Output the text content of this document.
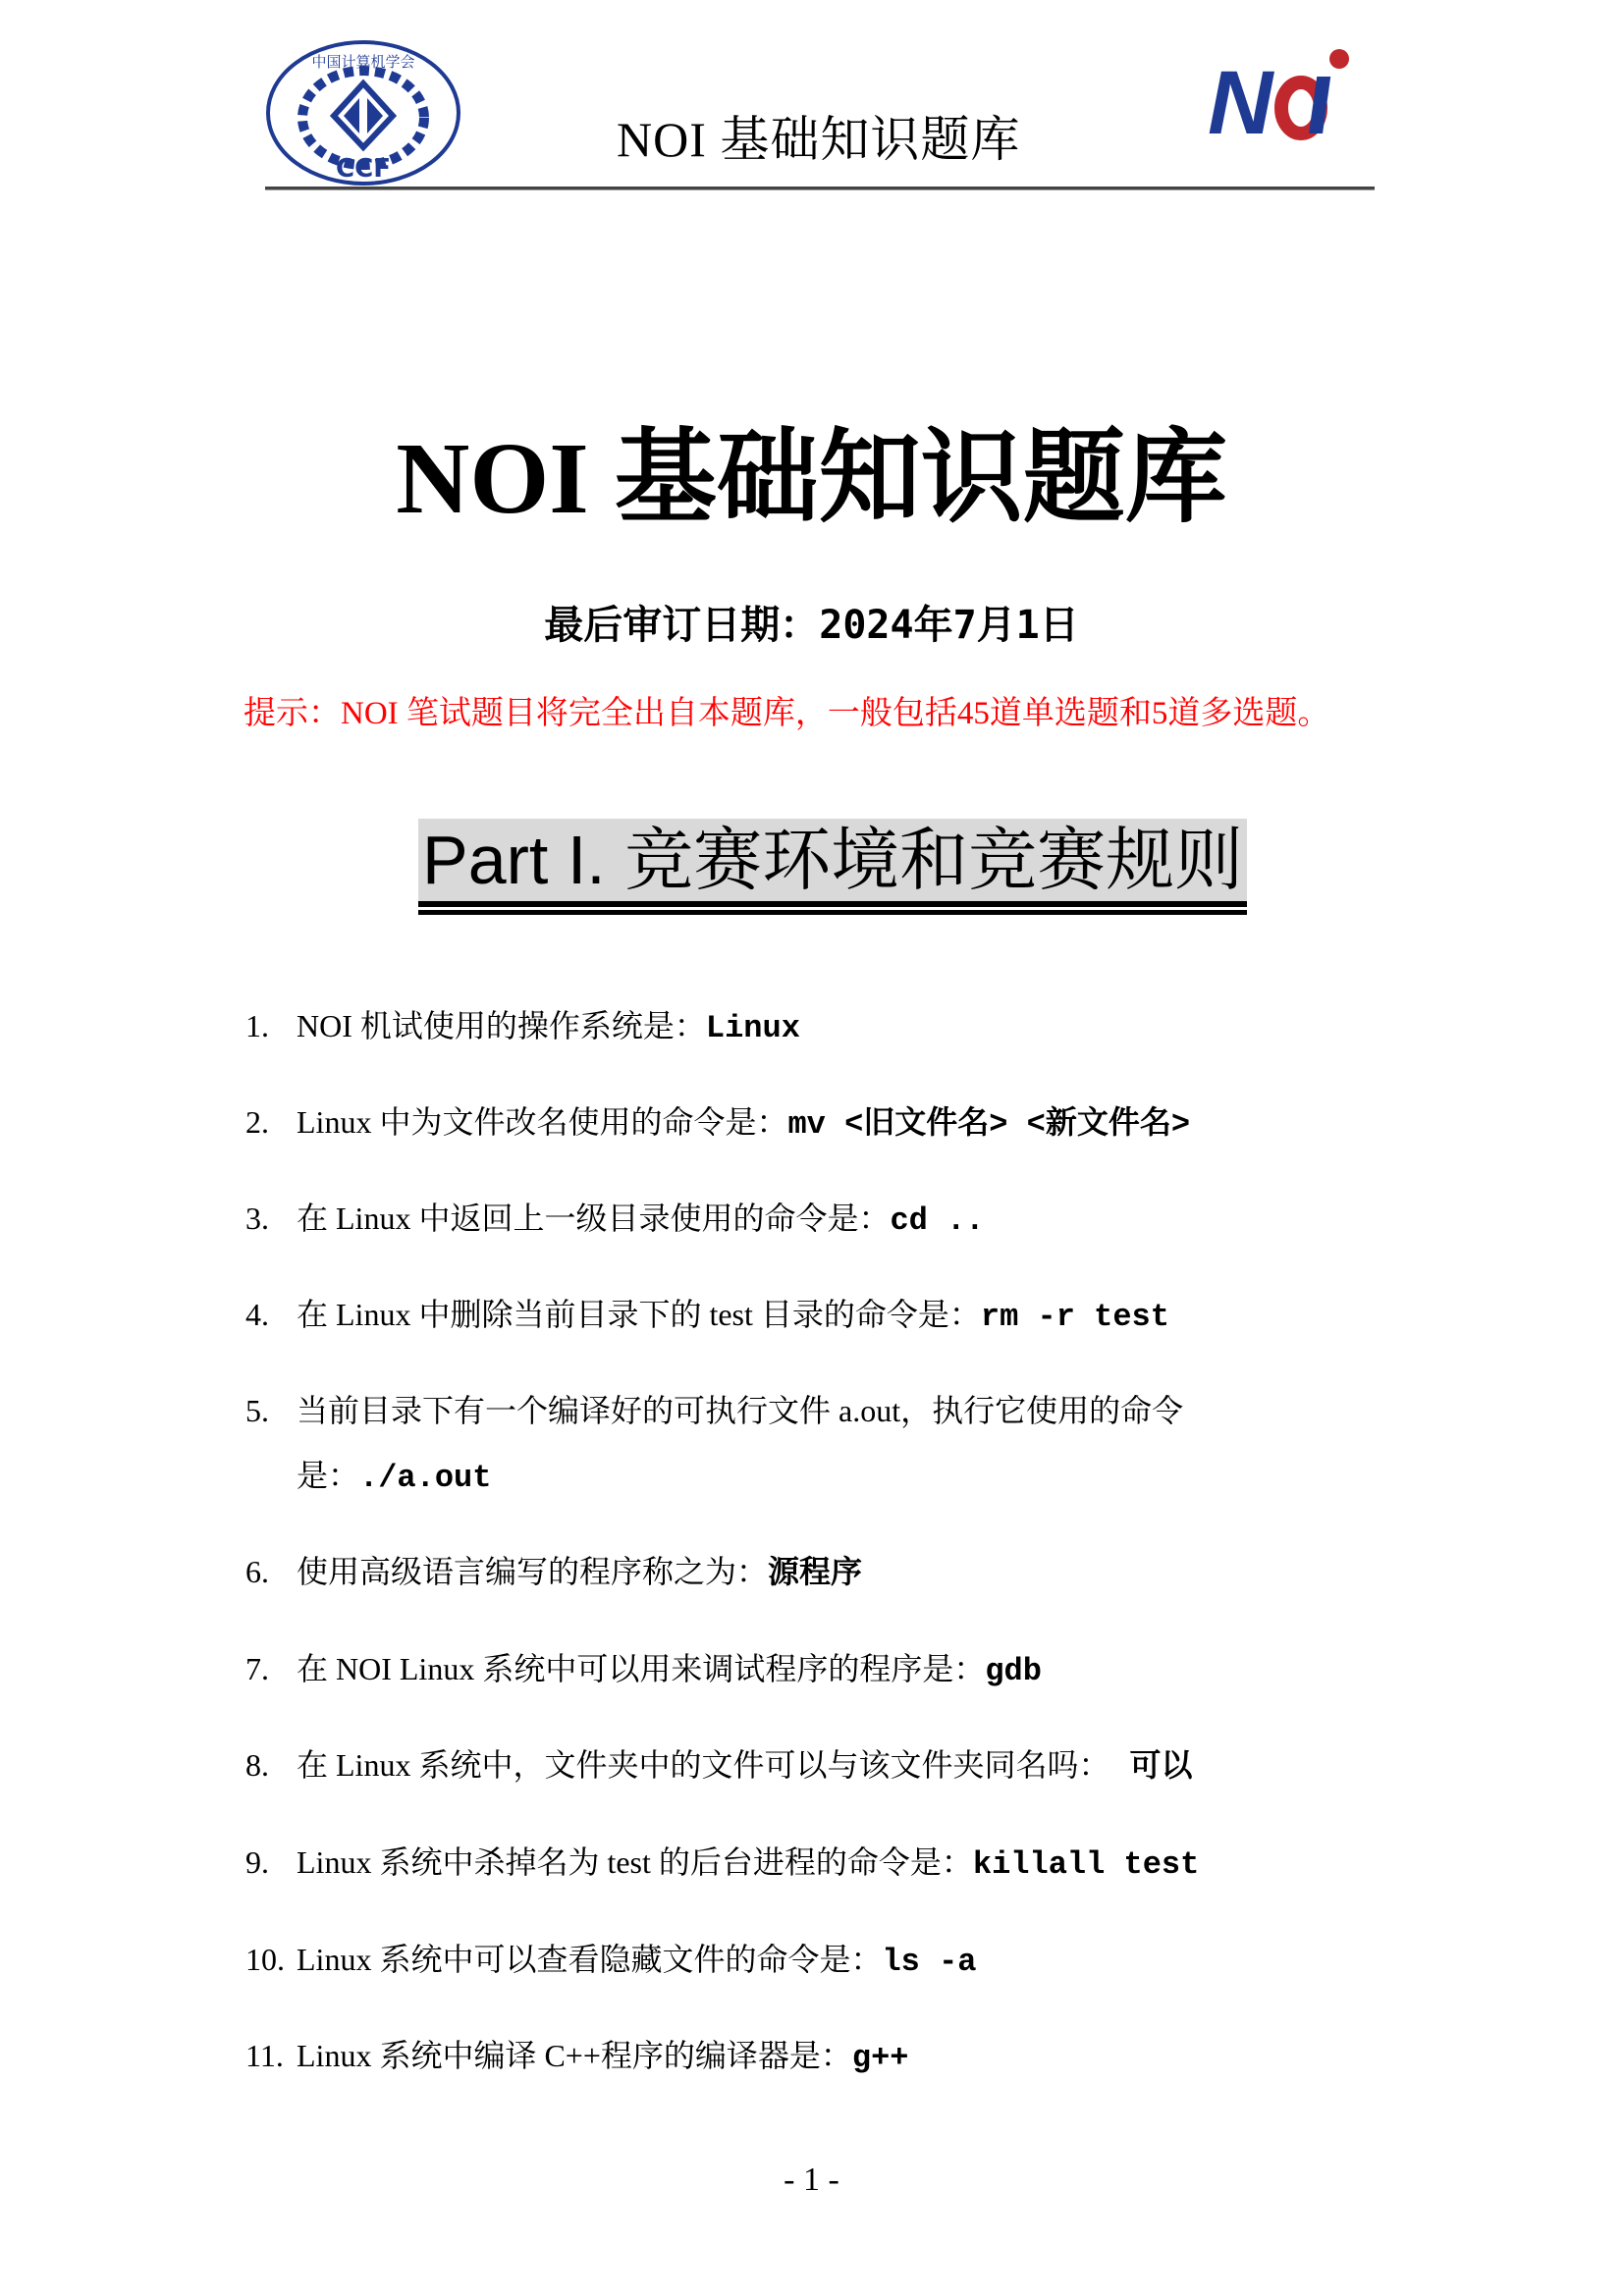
CCF
中国计算机学会
NOI 基础知识题库 N
NOI 基础知识题库
最后审订日期：2024年7月1日
提示：NOI 笔试题目将完全出自本题库，一般包括45道单选题和5道多选题。
Part I. 竞赛环境和竞赛规则
1. NOI 机试使用的操作系统是：Linux
2. Linux 中为文件改名使用的命令是：mv <旧文件名> <新文件名>
3. 在 Linux 中返回上一级目录使用的命令是：cd ..
4. 在 Linux 中删除当前目录下的 test 目录的命令是：rm -r test
5. 当前目录下有一个编译好的可执行文件 a.out，执行它使用的命令
是：./a.out
6. 使用高级语言编写的程序称之为：源程序
7. 在 NOI Linux 系统中可以用来调试程序的程序是：gdb
8. 在 Linux 系统中，文件夹中的文件可以与该文件夹同名吗： 可以
9. Linux 系统中杀掉名为 test 的后台进程的命令是：killall test
10. Linux 系统中可以查看隐藏文件的命令是：ls -a
11. Linux 系统中编译 C++程序的编译器是：g++
- 1 -
